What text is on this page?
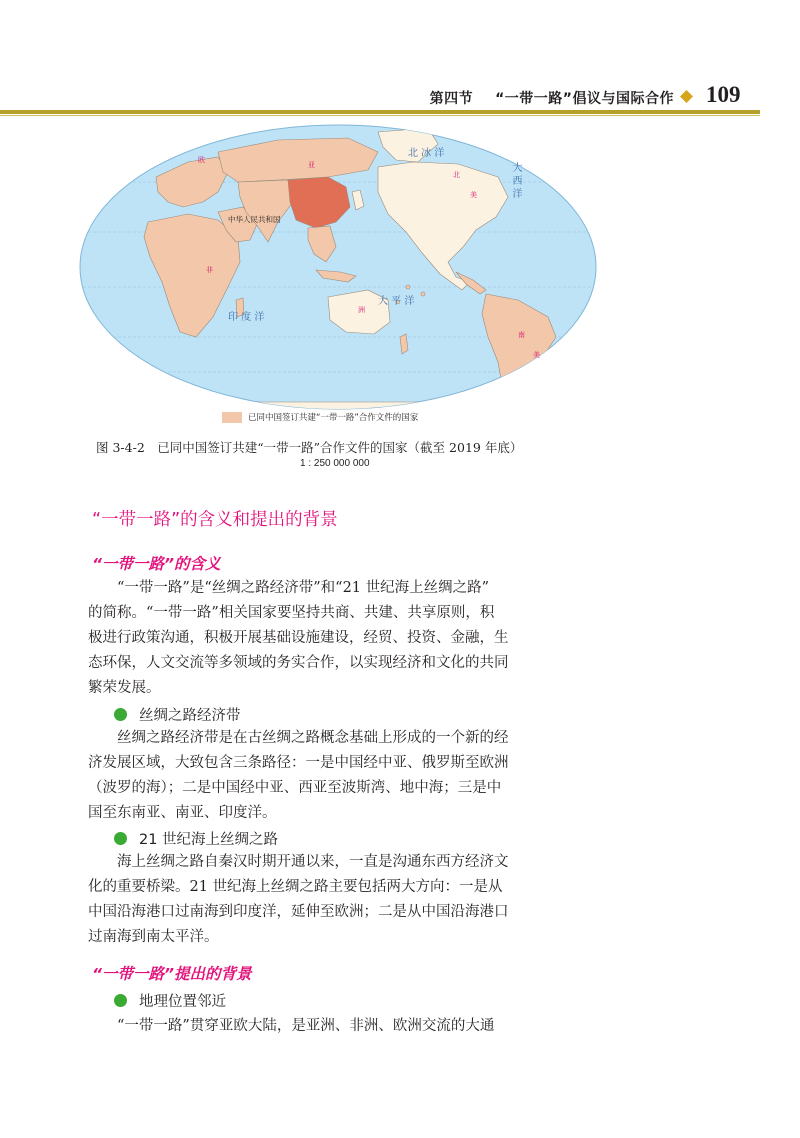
第四节 “一带一路”倡议与国际合作 109
欧
非
亚
洲
北
美
南
美
北 冰 洋
大 平 洋
印 度 洋
大 西 洋
中华人民共和国
已同中国签订共建“一带一路”合作文件的国家
图 3-4-2　已同中国签订共建“一带一路”合作文件的国家（截至 2019 年底）
1 : 250 000 000
“一带一路”的含义和提出的背景
“一带一路”的含义
“一带一路”是“丝绸之路经济带”和“21 世纪海上丝绸之路”
的简称。“一带一路”相关国家要坚持共商、共建、共享原则，积
极进行政策沟通，积极开展基础设施建设，经贸、投资、金融，生
态环保，人文交流等多领域的务实合作，以实现经济和文化的共同
繁荣发展。
丝绸之路经济带
丝绸之路经济带是在古丝绸之路概念基础上形成的一个新的经
济发展区域，大致包含三条路径：一是中国经中亚、俄罗斯至欧洲
（波罗的海）；二是中国经中亚、西亚至波斯湾、地中海；三是中
国至东南亚、南亚、印度洋。
21 世纪海上丝绸之路
海上丝绸之路自秦汉时期开通以来，一直是沟通东西方经济文
化的重要桥梁。21 世纪海上丝绸之路主要包括两大方向：一是从
中国沿海港口过南海到印度洋，延伸至欧洲；二是从中国沿海港口
过南海到南太平洋。
“一带一路”提出的背景
地理位置邻近
“一带一路”贯穿亚欧大陆，是亚洲、非洲、欧洲交流的大通
